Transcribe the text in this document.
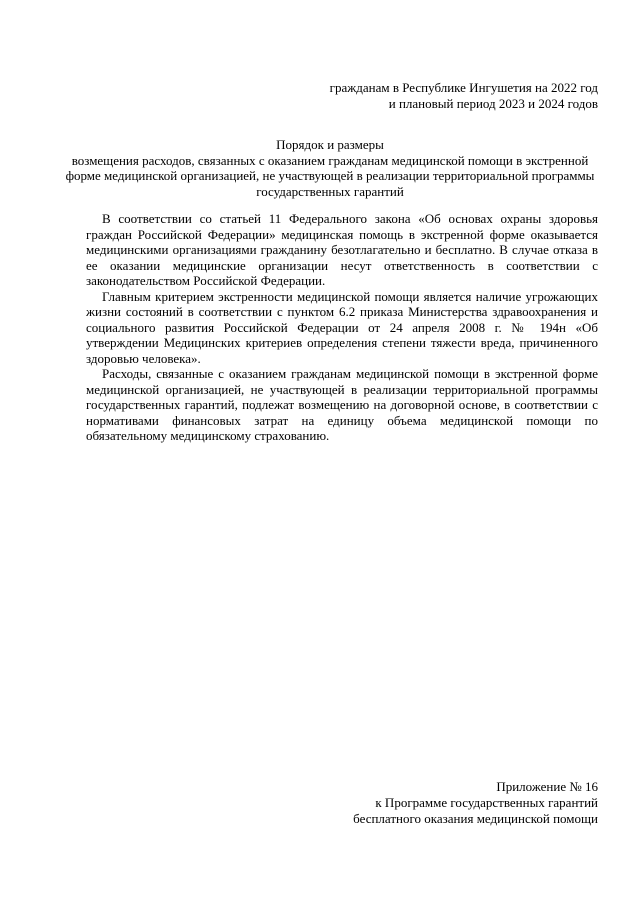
гражданам в Республике Ингушетия на 2022 год
и плановый период 2023 и 2024 годов
Порядок и размеры
возмещения расходов, связанных с оказанием гражданам медицинской помощи в экстренной
форме медицинской организацией, не участвующей в реализации территориальной программы
государственных гарантий

В соответствии со статьей 11 Федерального закона «Об основах охраны здоровья граждан Российской Федерации» медицинская помощь в экстренной форме оказывается медицинскими организациями гражданину безотлагательно и бесплатно. В случае отказа в ее оказании медицинские организации несут ответственность в соответствии с законодательством Российской Федерации.

Главным критерием экстренности медицинской помощи является наличие угрожающих жизни состояний в соответствии с пунктом 6.2 приказа Министерства здравоохранения и социального развития Российской Федерации от 24 апреля 2008 г. № 194н «Об утверждении Медицинских критериев определения степени тяжести вреда, причиненного здоровью человека».

Расходы, связанные с оказанием гражданам медицинской помощи в экстренной форме медицинской организацией, не участвующей в реализации территориальной программы государственных гарантий, подлежат возмещению на договорной основе, в соответствии с нормативами финансовых затрат на единицу объема медицинской помощи по обязательному медицинскому страхованию.

Приложение № 16
к Программе государственных гарантий
бесплатного оказания медицинской помощи
